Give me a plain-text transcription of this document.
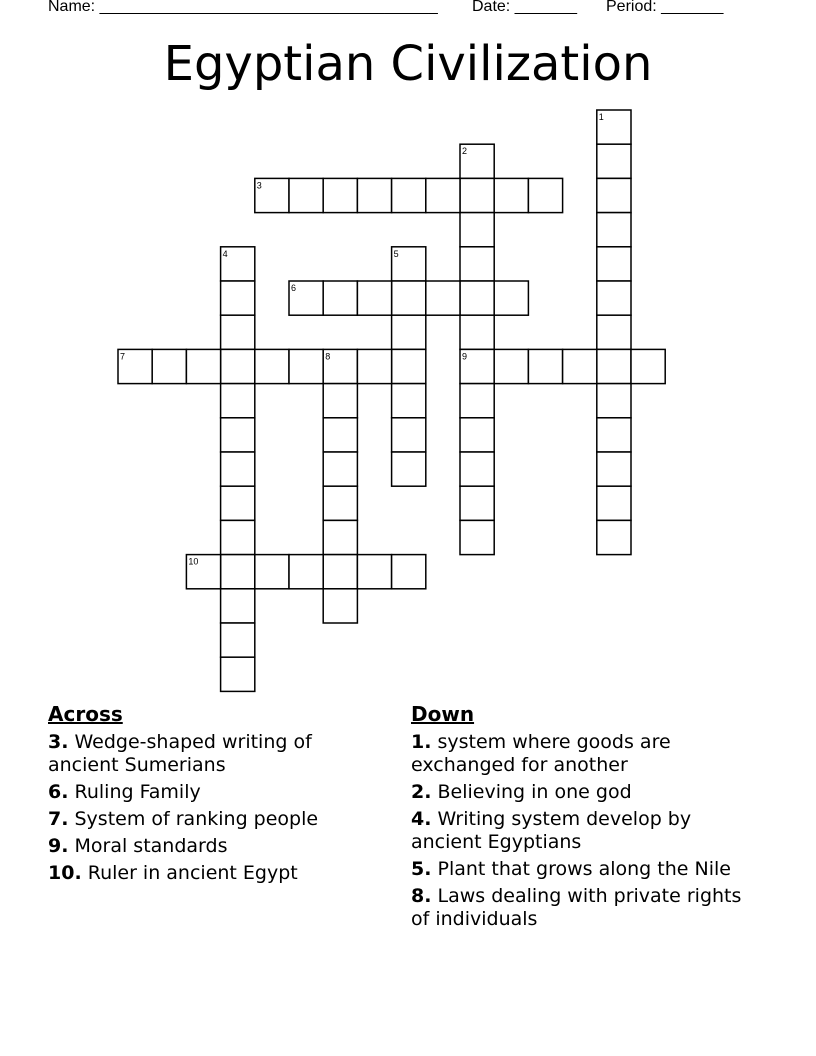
Name: ______________________________________ Date: _______ Period: _______
Egyptian Civilization
1
2
3
4	5
6
7	8	9
10
Across
3. Wedge-shaped writing of ancient Sumerians
6. Ruling Family
7. System of ranking people
9. Moral standards
10. Ruler in ancient Egypt
Down
1. system where goods are exchanged for another
2. Believing in one god
4. Writing system develop by ancient Egyptians
5. Plant that grows along the Nile
8. Laws dealing with private rights of individuals
